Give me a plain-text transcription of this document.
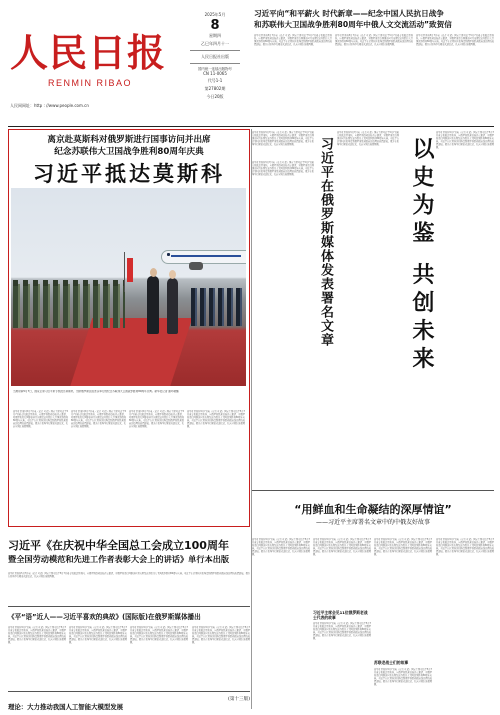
人民日报
RENMIN RIBAO
人民网网址：http : //www.people.com.cn
2025年5月
8
星期四
乙巳年四月十一
人民日报社出版
国内统一连续出版物号
CN 11-0065
代号1-1
第27802期
今日20版
习近平向“和平薪火 时代新章——纪念中国人民抗日战争
和苏联伟大卫国战争胜利80周年中俄人文交流活动”致贺信
新华社莫斯科5月7日电（记者 叶超）国家主席习近平5月7日乘专机抵达莫斯科，应俄罗斯联邦总统普京邀请，对俄罗斯进行国事访问并出席纪念苏联伟大卫国战争胜利80周年庆典。习近平在伏努科沃机场受到俄罗斯联邦政府副总理的热情迎接。俄方在机场举行隆重欢迎仪式，礼兵分列红地毯两侧。
新华社莫斯科5月7日电（记者 叶超）国家主席习近平5月7日乘专机抵达莫斯科，应俄罗斯联邦总统普京邀请，对俄罗斯进行国事访问并出席纪念苏联伟大卫国战争胜利80周年庆典。习近平在伏努科沃机场受到俄罗斯联邦政府副总理的热情迎接。俄方在机场举行隆重欢迎仪式，礼兵分列红地毯两侧。
新华社莫斯科5月7日电（记者 叶超）国家主席习近平5月7日乘专机抵达莫斯科，应俄罗斯联邦总统普京邀请，对俄罗斯进行国事访问并出席纪念苏联伟大卫国战争胜利80周年庆典。习近平在伏努科沃机场受到俄罗斯联邦政府副总理的热情迎接。俄方在机场举行隆重欢迎仪式，礼兵分列红地毯两侧。
离京赴莫斯科对俄罗斯进行国事访问并出席
纪念苏联伟大卫国战争胜利80周年庆典
习近平抵达莫斯科
当地时间5月7日，国家主席习近平乘专机抵达莫斯科，出席俄罗斯总统普京举行的纪念苏联伟大卫国战争胜利80周年庆典。新华社记者 谢环驰摄
新华社莫斯科5月7日电（记者 叶超）国家主席习近平5月7日乘专机抵达莫斯科，应俄罗斯联邦总统普京邀请，对俄罗斯进行国事访问并出席纪念苏联伟大卫国战争胜利80周年庆典。习近平在伏努科沃机场受到俄罗斯联邦政府副总理的热情迎接。俄方在机场举行隆重欢迎仪式，礼兵分列红地毯两侧。
新华社莫斯科5月7日电（记者 叶超）国家主席习近平5月7日乘专机抵达莫斯科，应俄罗斯联邦总统普京邀请，对俄罗斯进行国事访问并出席纪念苏联伟大卫国战争胜利80周年庆典。习近平在伏努科沃机场受到俄罗斯联邦政府副总理的热情迎接。俄方在机场举行隆重欢迎仪式，礼兵分列红地毯两侧。
新华社莫斯科5月7日电（记者 叶超）国家主席习近平5月7日乘专机抵达莫斯科，应俄罗斯联邦总统普京邀请，对俄罗斯进行国事访问并出席纪念苏联伟大卫国战争胜利80周年庆典。习近平在伏努科沃机场受到俄罗斯联邦政府副总理的热情迎接。俄方在机场举行隆重欢迎仪式，礼兵分列红地毯两侧。
新华社莫斯科5月7日电（记者 叶超）国家主席习近平5月7日乘专机抵达莫斯科，应俄罗斯联邦总统普京邀请，对俄罗斯进行国事访问并出席纪念苏联伟大卫国战争胜利80周年庆典。习近平在伏努科沃机场受到俄罗斯联邦政府副总理的热情迎接。俄方在机场举行隆重欢迎仪式，礼兵分列红地毯两侧。
新华社莫斯科5月7日电（记者 叶超）国家主席习近平5月7日乘专机抵达莫斯科，应俄罗斯联邦总统普京邀请，对俄罗斯进行国事访问并出席纪念苏联伟大卫国战争胜利80周年庆典。习近平在伏努科沃机场受到俄罗斯联邦政府副总理的热情迎接。俄方在机场举行隆重欢迎仪式，礼兵分列红地毯两侧。
新华社莫斯科5月7日电（记者 叶超）国家主席习近平5月7日乘专机抵达莫斯科，应俄罗斯联邦总统普京邀请，对俄罗斯进行国事访问并出席纪念苏联伟大卫国战争胜利80周年庆典。习近平在伏努科沃机场受到俄罗斯联邦政府副总理的热情迎接。俄方在机场举行隆重欢迎仪式，礼兵分列红地毯两侧。	习近平在俄罗斯媒体发表署名文章
新华社莫斯科5月7日电（记者 叶超）国家主席习近平5月7日乘专机抵达莫斯科，应俄罗斯联邦总统普京邀请，对俄罗斯进行国事访问并出席纪念苏联伟大卫国战争胜利80周年庆典。习近平在伏努科沃机场受到俄罗斯联邦政府副总理的热情迎接。俄方在机场举行隆重欢迎仪式，礼兵分列红地毯两侧。	以史为鉴 共创未来
新华社莫斯科5月7日电（记者 叶超）国家主席习近平5月7日乘专机抵达莫斯科，应俄罗斯联邦总统普京邀请，对俄罗斯进行国事访问并出席纪念苏联伟大卫国战争胜利80周年庆典。习近平在伏努科沃机场受到俄罗斯联邦政府副总理的热情迎接。俄方在机场举行隆重欢迎仪式，礼兵分列红地毯两侧。
“用鲜血和生命凝结的深厚情谊”
——习近平主席署名文章中的中俄友好故事
新华社莫斯科5月7日电（记者 叶超）国家主席习近平5月7日乘专机抵达莫斯科，应俄罗斯联邦总统普京邀请，对俄罗斯进行国事访问并出席纪念苏联伟大卫国战争胜利80周年庆典。习近平在伏努科沃机场受到俄罗斯联邦政府副总理的热情迎接。俄方在机场举行隆重欢迎仪式，礼兵分列红地毯两侧。
新华社莫斯科5月7日电（记者 叶超）国家主席习近平5月7日乘专机抵达莫斯科，应俄罗斯联邦总统普京邀请，对俄罗斯进行国事访问并出席纪念苏联伟大卫国战争胜利80周年庆典。习近平在伏努科沃机场受到俄罗斯联邦政府副总理的热情迎接。俄方在机场举行隆重欢迎仪式，礼兵分列红地毯两侧。
习近平主席会见11位俄罗斯老战士代表的故事
新华社莫斯科5月7日电（记者 叶超）国家主席习近平5月7日乘专机抵达莫斯科，应俄罗斯联邦总统普京邀请，对俄罗斯进行国事访问并出席纪念苏联伟大卫国战争胜利80周年庆典。习近平在伏努科沃机场受到俄罗斯联邦政府副总理的热情迎接。俄方在机场举行隆重欢迎仪式，礼兵分列红地毯两侧。
新华社莫斯科5月7日电（记者 叶超）国家主席习近平5月7日乘专机抵达莫斯科，应俄罗斯联邦总统普京邀请，对俄罗斯进行国事访问并出席纪念苏联伟大卫国战争胜利80周年庆典。习近平在伏努科沃机场受到俄罗斯联邦政府副总理的热情迎接。俄方在机场举行隆重欢迎仪式，礼兵分列红地毯两侧。
苏联老战士们的故事
新华社莫斯科5月7日电（记者 叶超）国家主席习近平5月7日乘专机抵达莫斯科，应俄罗斯联邦总统普京邀请，对俄罗斯进行国事访问并出席纪念苏联伟大卫国战争胜利80周年庆典。习近平在伏努科沃机场受到俄罗斯联邦政府副总理的热情迎接。俄方在机场举行隆重欢迎仪式，礼兵分列红地毯两侧。
新华社莫斯科5月7日电（记者 叶超）国家主席习近平5月7日乘专机抵达莫斯科，应俄罗斯联邦总统普京邀请，对俄罗斯进行国事访问并出席纪念苏联伟大卫国战争胜利80周年庆典。习近平在伏努科沃机场受到俄罗斯联邦政府副总理的热情迎接。俄方在机场举行隆重欢迎仪式，礼兵分列红地毯两侧。
习近平《在庆祝中华全国总工会成立100周年
暨全国劳动模范和先进工作者表彰大会上的讲话》单行本出版
新华社莫斯科5月7日电（记者 叶超）国家主席习近平5月7日乘专机抵达莫斯科，应俄罗斯联邦总统普京邀请，对俄罗斯进行国事访问并出席纪念苏联伟大卫国战争胜利80周年庆典。习近平在伏努科沃机场受到俄罗斯联邦政府副总理的热情迎接。俄方在机场举行隆重欢迎仪式，礼兵分列红地毯两侧。
《平“语”近人——习近平喜欢的典故》(国际版)在俄罗斯媒体播出
新华社莫斯科5月7日电（记者 叶超）国家主席习近平5月7日乘专机抵达莫斯科，应俄罗斯联邦总统普京邀请，对俄罗斯进行国事访问并出席纪念苏联伟大卫国战争胜利80周年庆典。习近平在伏努科沃机场受到俄罗斯联邦政府副总理的热情迎接。俄方在机场举行隆重欢迎仪式，礼兵分列红地毯两侧。
新华社莫斯科5月7日电（记者 叶超）国家主席习近平5月7日乘专机抵达莫斯科，应俄罗斯联邦总统普京邀请，对俄罗斯进行国事访问并出席纪念苏联伟大卫国战争胜利80周年庆典。习近平在伏努科沃机场受到俄罗斯联邦政府副总理的热情迎接。俄方在机场举行隆重欢迎仪式，礼兵分列红地毯两侧。
新华社莫斯科5月7日电（记者 叶超）国家主席习近平5月7日乘专机抵达莫斯科，应俄罗斯联邦总统普京邀请，对俄罗斯进行国事访问并出席纪念苏联伟大卫国战争胜利80周年庆典。习近平在伏努科沃机场受到俄罗斯联邦政府副总理的热情迎接。俄方在机场举行隆重欢迎仪式，礼兵分列红地毯两侧。
新华社莫斯科5月7日电（记者 叶超）国家主席习近平5月7日乘专机抵达莫斯科，应俄罗斯联邦总统普京邀请，对俄罗斯进行国事访问并出席纪念苏联伟大卫国战争胜利80周年庆典。习近平在伏努科沃机场受到俄罗斯联邦政府副总理的热情迎接。俄方在机场举行隆重欢迎仪式，礼兵分列红地毯两侧。
理论：大力推动我国人工智能大模型发展
(第十三版)
